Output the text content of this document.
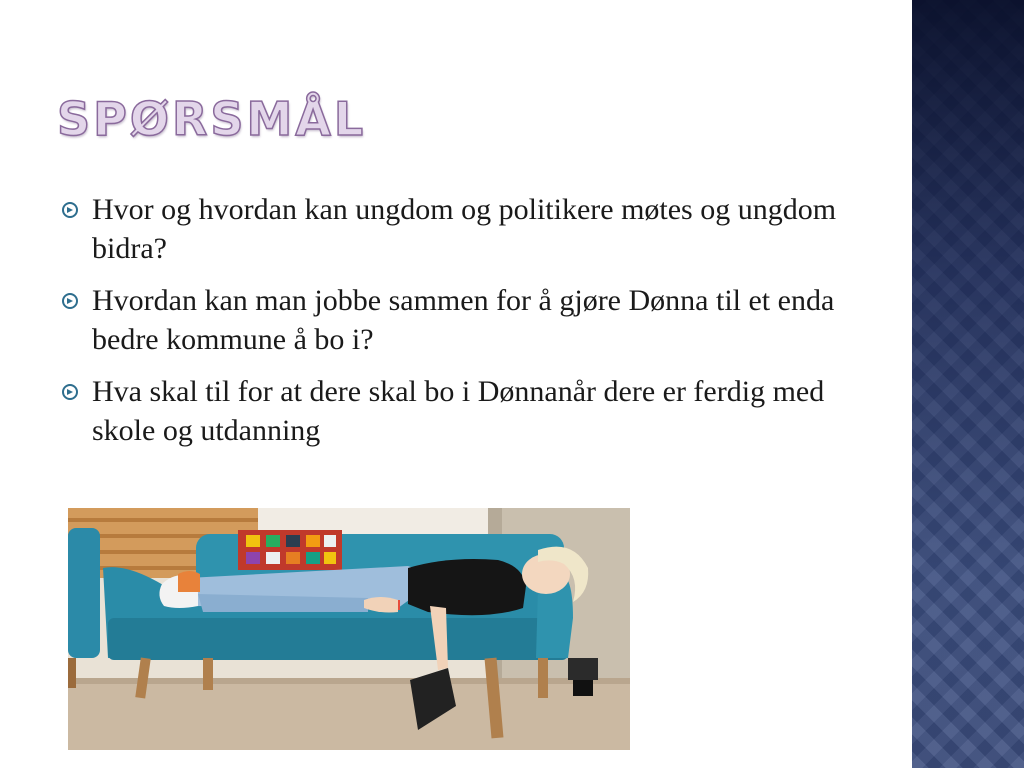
SPØRSMÅL
Hvor og hvordan kan ungdom og politikere møtes og ungdom bidra?
Hvordan kan man jobbe sammen for å gjøre Dønna til et enda bedre kommune å bo i?
Hva skal til for at dere skal bo i Dønnanår dere er ferdig med skole og utdanning
